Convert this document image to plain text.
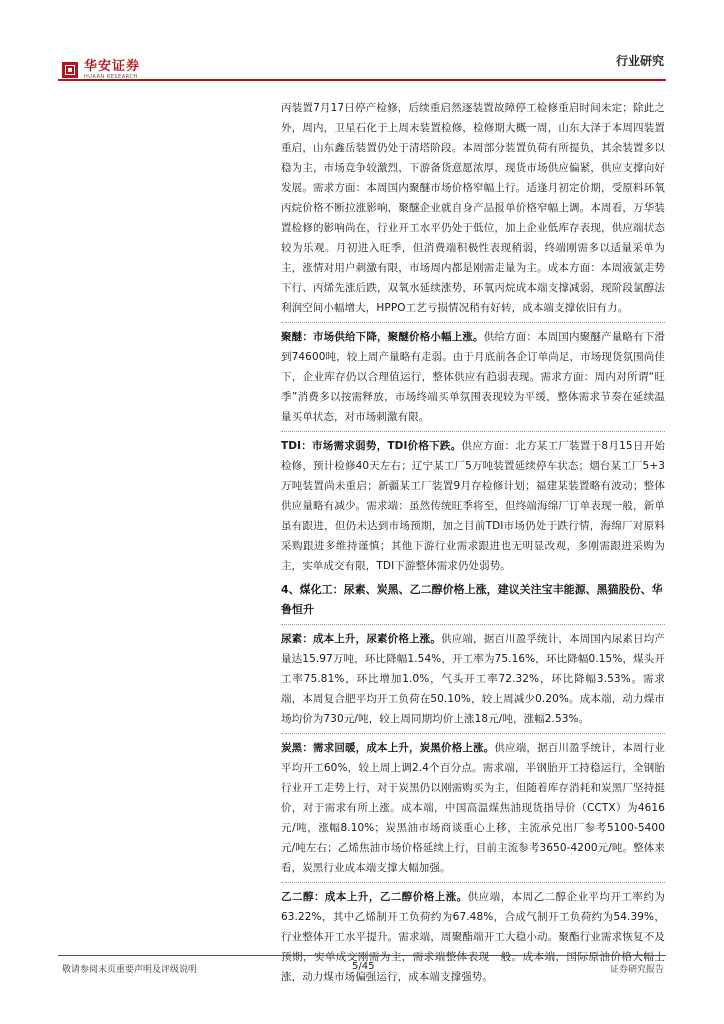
华安证券
HUAAN RESEARCH
行业研究

丙装置7月17日停产检修，后续重启然逐装置故障停工检修重启时间未定；除此之外，周内，卫星石化于上周末装置检修，检修期大概一周，山东大泽于本周四装置重启，山东鑫岳装置仍处于清塔阶段。本周部分装置负荷有所提负，其余装置多以稳为主，市场竞争较激烈，下游备货意愿浓厚，现货市场供应偏紧，供应支撑向好发展。需求方面：本周国内聚醚市场价格窄幅上行。适逢月初定价期，受原料环氧丙烷价格不断拉涨影响，聚醚企业就自身产品报单价格窄幅上调。本周看，万华装置检修的影响尚在，行业开工水平仍处于低位，加上企业低库存表现，供应端状态较为乐观。月初进入旺季，但消费端积极性表现稍弱，终端刚需多以适量采单为主，涨情对用户刺激有限，市场周内都是刚需走量为主。成本方面：本周液氯走势下行、丙烯先涨后跌，双氧水延续涨势，环氧丙烷成本端支撑减弱，现阶段氯醇法利润空间小幅增大，HPPO工艺亏损情况稍有好转，成本端支撑依旧有力。

聚醚：市场供给下降，聚醚价格小幅上涨。供给方面：本周国内聚醚产量略有下滑到74600吨，较上周产量略有走弱。由于月底前各企订单尚足，市场现货氛围尚佳下，企业库存仍以合理值运行，整体供应有趋弱表现。需求方面：周内对所谓“旺季”消费多以按需释放，市场终端买单氛围表现较为平缓，整体需求节奏在延续温量买单状态，对市场刺激有限。

TDI：市场需求弱势，TDI价格下跌。供应方面：北方某工厂装置于8月15日开始检修，预计检修40天左右；辽宁某工厂5万吨装置延续停车状态；烟台某工厂5+3万吨装置尚未重启；新疆某工厂装置9月存检修计划；福建某装置略有波动；整体供应量略有减少。需求端：虽然传统旺季将至，但终端海绵厂订单表现一般，新单虽有跟进，但仍未达到市场预期，加之目前TDI市场仍处于跌行情，海绵厂对原料采购跟进多维持谨慎；其他下游行业需求跟进也无明显改观，多刚需跟进采购为主，实单成交有限，TDI下游整体需求仍处弱势。

4、煤化工：尿素、炭黑、乙二醇价格上涨，建议关注宝丰能源、黑猫股份、华鲁恒升

尿素：成本上升，尿素价格上涨。供应端，据百川盈孚统计，本周国内尿素日均产量达15.97万吨，环比降幅1.54%，开工率为75.16%，环比降幅0.15%，煤头开工率75.81%，环比增加1.0%，气头开工率72.32%，环比降幅3.53%。需求端，本周复合肥平均开工负荷在50.10%，较上周减少0.20%。成本端，动力煤市场均价为730元/吨，较上周同期均价上涨18元/吨，涨幅2.53%。

炭黑：需求回暖，成本上升，炭黑价格上涨。供应端，据百川盈孚统计，本周行业平均开工60%，较上周上调2.4个百分点。需求端，半钢胎开工持稳运行，全钢胎行业开工走势上行，对于炭黑仍以刚需购买为主，但随着库存消耗和炭黑厂坚持挺价，对于需求有所上涨。成本端，中国高温煤焦油现货指导价（CCTX）为4616元/吨，涨幅8.10%；炭黑油市场商谈重心上移，主流承兑出厂参考5100-5400元/吨左右；乙烯焦油市场价格延续上行，目前主流参考3650-4200元/吨。整体来看，炭黑行业成本端支撑大幅加强。

乙二醇：成本上升，乙二醇价格上涨。供应端，本周乙二醇企业平均开工率约为63.22%，其中乙烯制开工负荷约为67.48%，合成气制开工负荷约为54.39%，行业整体开工水平提升。需求端，周聚酯端开工大稳小动。聚酯行业需求恢复不及预期，实单成交刚需为主，需求端整体表现一般。成本端，国际原油价格大幅上涨，动力煤市场偏强运行，成本端支撑强势。

敬请参阅末页重要声明及评级说明	5/45	证券研究报告
